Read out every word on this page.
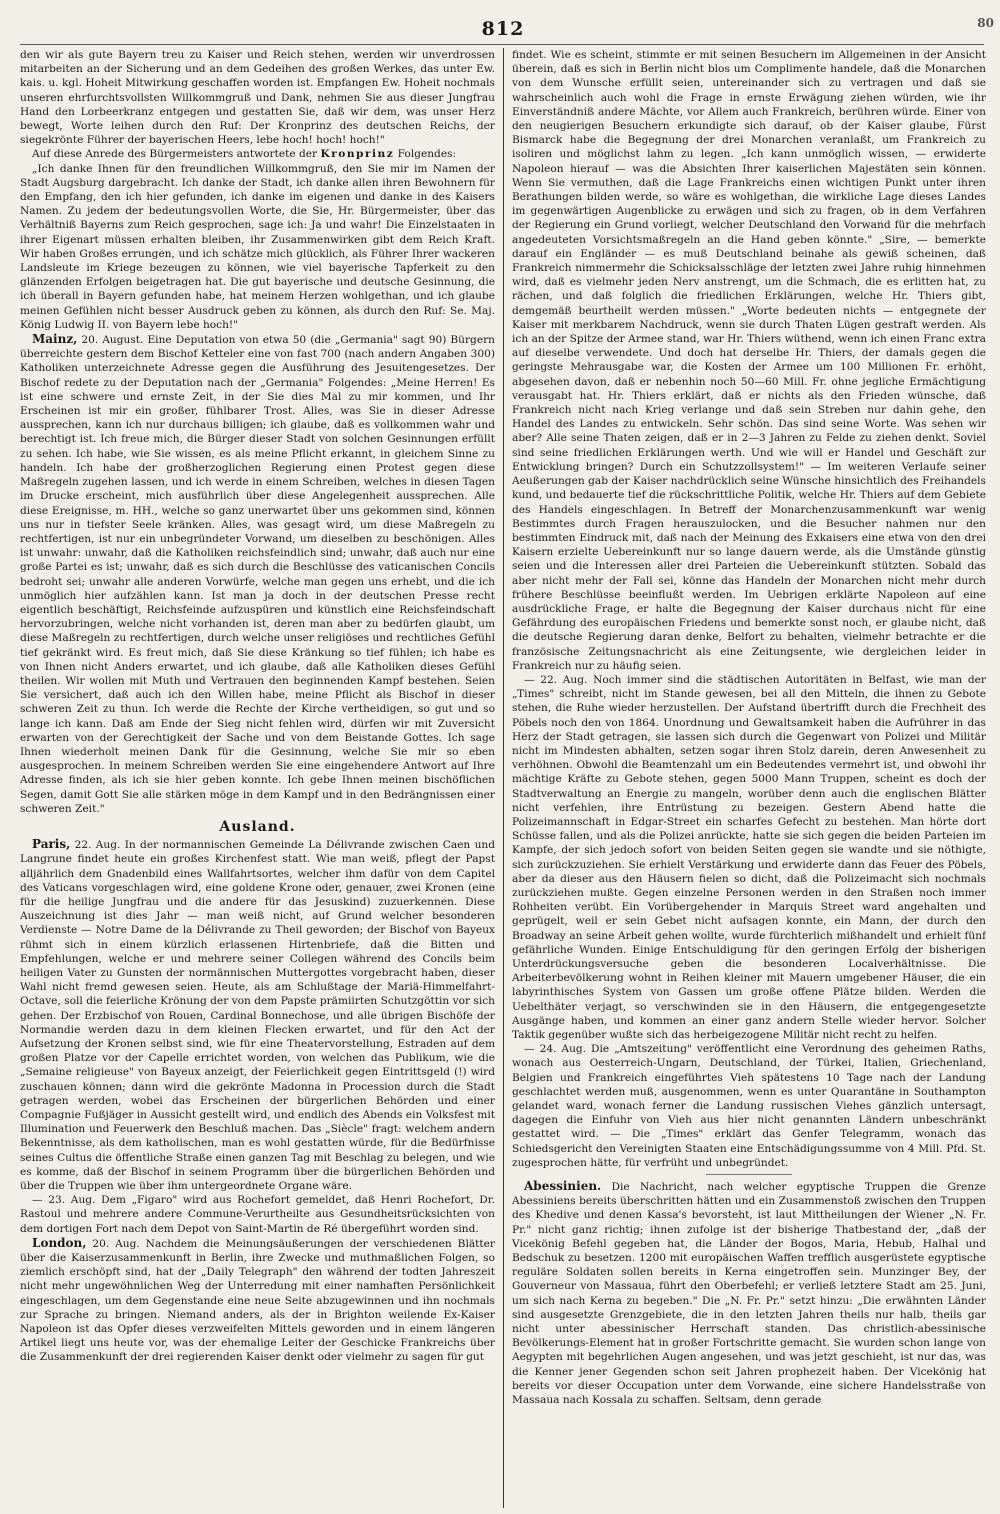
812	80

den wir als gute Bayern treu zu Kaiser und Reich stehen, werden wir unverdrossen mitarbeiten an der Sicherung und an dem Gedeihen des großen Werkes, das unter Ew. kais. u. kgl. Hoheit Mitwirkung geschaffen worden ist. Empfangen Ew. Hoheit nochmals unseren ehrfurchtsvollsten Willkommgruß und Dank, nehmen Sie aus dieser Jungfrau Hand den Lorbeerkranz entgegen und gestatten Sie, daß wir dem, was unser Herz bewegt, Worte leihen durch den Ruf: Der Kronprinz des deutschen Reichs, der siegekrönte Führer der bayerischen Heers, lebe hoch! hoch! hoch!"

Auf diese Anrede des Bürgermeisters antwortete der Kronprinz Folgendes:

„Ich danke Ihnen für den freundlichen Willkommgruß, den Sie mir im Namen der Stadt Augsburg dargebracht. Ich danke der Stadt, ich danke allen ihren Bewohnern für den Empfang, den ich hier gefunden, ich danke im eigenen und danke in des Kaisers Namen. Zu jedem der bedeutungsvollen Worte, die Sie, Hr. Bürgermeister, über das Verhältniß Bayerns zum Reich gesprochen, sage ich: Ja und wahr! Die Einzelstaaten in ihrer Eigenart müssen erhalten bleiben, ihr Zusammenwirken gibt dem Reich Kraft. Wir haben Großes errungen, und ich schätze mich glücklich, als Führer Ihrer wackeren Landsleute im Kriege bezeugen zu können, wie viel bayerische Tapferkeit zu den glänzenden Erfolgen beigetragen hat. Die gut bayerische und deutsche Gesinnung, die ich überall in Bayern gefunden habe, hat meinem Herzen wohlgethan, und ich glaube meinen Gefühlen nicht besser Ausdruck geben zu können, als durch den Ruf: Se. Maj. König Ludwig II. von Bayern lebe hoch!"

Mainz, 20. August. Eine Deputation von etwa 50 (die „Germania" sagt 90) Bürgern überreichte gestern dem Bischof Ketteler eine von fast 700 (nach andern Angaben 300) Katholiken unterzeichnete Adresse gegen die Ausführung des Jesuitengesetzes. Der Bischof redete zu der Deputation nach der „Germania" Folgendes: „Meine Herren! Es ist eine schwere und ernste Zeit, in der Sie dies Mal zu mir kommen, und Ihr Erscheinen ist mir ein großer, fühlbarer Trost. Alles, was Sie in dieser Adresse aussprechen, kann ich nur durchaus billigen; ich glaube, daß es vollkommen wahr und berechtigt ist. Ich freue mich, die Bürger dieser Stadt von solchen Gesinnungen erfüllt zu sehen. Ich habe, wie Sie wissen, es als meine Pflicht erkannt, in gleichem Sinne zu handeln. Ich habe der großherzoglichen Regierung einen Protest gegen diese Maßregeln zugehen lassen, und ich werde in einem Schreiben, welches in diesen Tagen im Drucke erscheint, mich ausführlich über diese Angelegenheit aussprechen. Alle diese Ereignisse, m. HH., welche so ganz unerwartet über uns gekommen sind, können uns nur in tiefster Seele kränken. Alles, was gesagt wird, um diese Maßregeln zu rechtfertigen, ist nur ein unbegründeter Vorwand, um dieselben zu beschönigen. Alles ist unwahr: unwahr, daß die Katholiken reichsfeindlich sind; unwahr, daß auch nur eine große Partei es ist; unwahr, daß es sich durch die Beschlüsse des vaticanischen Concils bedroht sei; unwahr alle anderen Vorwürfe, welche man gegen uns erhebt, und die ich unmöglich hier aufzählen kann. Ist man ja doch in der deutschen Presse recht eigentlich beschäftigt, Reichsfeinde aufzuspüren und künstlich eine Reichsfeindschaft hervorzubringen, welche nicht vorhanden ist, deren man aber zu bedürfen glaubt, um diese Maßregeln zu rechtfertigen, durch welche unser religiöses und rechtliches Gefühl tief gekränkt wird. Es freut mich, daß Sie diese Kränkung so tief fühlen; ich habe es von Ihnen nicht Anders erwartet, und ich glaube, daß alle Katholiken dieses Gefühl theilen. Wir wollen mit Muth und Vertrauen den beginnenden Kampf bestehen. Seien Sie versichert, daß auch ich den Willen habe, meine Pflicht als Bischof in dieser schweren Zeit zu thun. Ich werde die Rechte der Kirche vertheidigen, so gut und so lange ich kann. Daß am Ende der Sieg nicht fehlen wird, dürfen wir mit Zuversicht erwarten von der Gerechtigkeit der Sache und von dem Beistande Gottes. Ich sage Ihnen wiederholt meinen Dank für die Gesinnung, welche Sie mir so eben ausgesprochen. In meinem Schreiben werden Sie eine eingehendere Antwort auf Ihre Adresse finden, als ich sie hier geben konnte. Ich gebe Ihnen meinen bischöflichen Segen, damit Gott Sie alle stärken möge in dem Kampf und in den Bedrängnissen einer schweren Zeit."

Ausland.

Paris, 22. Aug. In der normannischen Gemeinde La Délivrande zwischen Caen und Langrune findet heute ein großes Kirchenfest statt. Wie man weiß, pflegt der Papst alljährlich dem Gnadenbild eines Wallfahrtsortes, welcher ihm dafür von dem Capitel des Vaticans vorgeschlagen wird, eine goldene Krone oder, genauer, zwei Kronen (eine für die heilige Jungfrau und die andere für das Jesuskind) zuzuerkennen. Diese Auszeichnung ist dies Jahr — man weiß nicht, auf Grund welcher besonderen Verdienste — Notre Dame de la Délivrande zu Theil geworden; der Bischof von Bayeux rühmt sich in einem kürzlich erlassenen Hirtenbriefe, daß die Bitten und Empfehlungen, welche er und mehrere seiner Collegen während des Concils beim heiligen Vater zu Gunsten der normännischen Muttergottes vorgebracht haben, dieser Wahl nicht fremd gewesen seien. Heute, als am Schlußtage der Mariä-Himmelfahrt-Octave, soll die feierliche Krönung der von dem Papste prämiirten Schutzgöttin vor sich gehen. Der Erzbischof von Rouen, Cardinal Bonnechose, und alle übrigen Bischöfe der Normandie werden dazu in dem kleinen Flecken erwartet, und für den Act der Aufsetzung der Kronen selbst sind, wie für eine Theatervorstellung, Estraden auf dem großen Platze vor der Capelle errichtet worden, von welchen das Publikum, wie die „Semaine religieuse" von Bayeux anzeigt, der Feierlichkeit gegen Eintrittsgeld (!) wird zuschauen können; dann wird die gekrönte Madonna in Procession durch die Stadt getragen werden, wobei das Erscheinen der bürgerlichen Behörden und einer Compagnie Fußjäger in Aussicht gestellt wird, und endlich des Abends ein Volksfest mit Illumination und Feuerwerk den Beschluß machen. Das „Siècle" fragt: welchem andern Bekenntnisse, als dem katholischen, man es wohl gestatten würde, für die Bedürfnisse seines Cultus die öffentliche Straße einen ganzen Tag mit Beschlag zu belegen, und wie es komme, daß der Bischof in seinem Programm über die bürgerlichen Behörden und über die Truppen wie über ihm untergeordnete Organe wäre.

— 23. Aug. Dem „Figaro" wird aus Rochefort gemeldet, daß Henri Rochefort, Dr. Rastoul und mehrere andere Commune-Verurtheilte aus Gesundheitsrücksichten von dem dortigen Fort nach dem Depot von Saint-Martin de Ré übergeführt worden sind.

London, 20. Aug. Nachdem die Meinungsäußerungen der verschiedenen Blätter über die Kaiserzusammenkunft in Berlin, ihre Zwecke und muthmaßlichen Folgen, so ziemlich erschöpft sind, hat der „Daily Telegraph" den während der todten Jahreszeit nicht mehr ungewöhnlichen Weg der Unterredung mit einer namhaften Persönlichkeit eingeschlagen, um dem Gegenstande eine neue Seite abzugewinnen und ihn nochmals zur Sprache zu bringen. Niemand anders, als der in Brighton weilende Ex-Kaiser Napoleon ist das Opfer dieses verzweifelten Mittels geworden und in einem längeren Artikel liegt uns heute vor, was der ehemalige Leiter der Geschicke Frankreichs über die Zusammenkunft der drei regierenden Kaiser denkt oder vielmehr zu sagen für gut

findet. Wie es scheint, stimmte er mit seinen Besuchern im Allgemeinen in der Ansicht überein, daß es sich in Berlin nicht blos um Complimente handele, daß die Monarchen von dem Wunsche erfüllt seien, untereinander sich zu vertragen und daß sie wahrscheinlich auch wohl die Frage in ernste Erwägung ziehen würden, wie ihr Einverständniß andere Mächte, vor Allem auch Frankreich, berühren würde. Einer von den neugierigen Besuchern erkundigte sich darauf, ob der Kaiser glaube, Fürst Bismarck habe die Begegnung der drei Monarchen veranlaßt, um Frankreich zu isoliren und möglichst lahm zu legen. „Ich kann unmöglich wissen, — erwiderte Napoleon hierauf — was die Absichten Ihrer kaiserlichen Majestäten sein können. Wenn Sie vermuthen, daß die Lage Frankreichs einen wichtigen Punkt unter ihren Berathungen bilden werde, so wäre es wohlgethan, die wirkliche Lage dieses Landes im gegenwärtigen Augenblicke zu erwägen und sich zu fragen, ob in dem Verfahren der Regierung ein Grund vorliegt, welcher Deutschland den Vorwand für die mehrfach angedeuteten Vorsichtsmaßregeln an die Hand geben könnte." „Sire, — bemerkte darauf ein Engländer — es muß Deutschland beinahe als gewiß scheinen, daß Frankreich nimmermehr die Schicksalsschläge der letzten zwei Jahre ruhig hinnehmen wird, daß es vielmehr jeden Nerv anstrengt, um die Schmach, die es erlitten hat, zu rächen, und daß folglich die friedlichen Erklärungen, welche Hr. Thiers gibt, demgemäß beurtheilt werden müssen." „Worte bedeuten nichts — entgegnete der Kaiser mit merkbarem Nachdruck, wenn sie durch Thaten Lügen gestraft werden. Als ich an der Spitze der Armee stand, war Hr. Thiers wüthend, wenn ich einen Franc extra auf dieselbe verwendete. Und doch hat derselbe Hr. Thiers, der damals gegen die geringste Mehrausgabe war, die Kosten der Armee um 100 Millionen Fr. erhöht, abgesehen davon, daß er nebenhin noch 50—60 Mill. Fr. ohne jegliche Ermächtigung verausgabt hat. Hr. Thiers erklärt, daß er nichts als den Frieden wünsche, daß Frankreich nicht nach Krieg verlange und daß sein Streben nur dahin gehe, den Handel des Landes zu entwickeln. Sehr schön. Das sind seine Worte. Was sehen wir aber? Alle seine Thaten zeigen, daß er in 2—3 Jahren zu Felde zu ziehen denkt. Soviel sind seine friedlichen Erklärungen werth. Und wie will er Handel und Geschäft zur Entwicklung bringen? Durch ein Schutzzollsystem!" — Im weiteren Verlaufe seiner Aeußerungen gab der Kaiser nachdrücklich seine Wünsche hinsichtlich des Freihandels kund, und bedauerte tief die rückschrittliche Politik, welche Hr. Thiers auf dem Gebiete des Handels eingeschlagen. In Betreff der Monarchenzusammenkunft war wenig Bestimmtes durch Fragen herauszulocken, und die Besucher nahmen nur den bestimmten Eindruck mit, daß nach der Meinung des Exkaisers eine etwa von den drei Kaisern erzielte Uebereinkunft nur so lange dauern werde, als die Umstände günstig seien und die Interessen aller drei Parteien die Uebereinkunft stützten. Sobald das aber nicht mehr der Fall sei, könne das Handeln der Monarchen nicht mehr durch frühere Beschlüsse beeinflußt werden. Im Uebrigen erklärte Napoleon auf eine ausdrückliche Frage, er halte die Begegnung der Kaiser durchaus nicht für eine Gefährdung des europäischen Friedens und bemerkte sonst noch, er glaube nicht, daß die deutsche Regierung daran denke, Belfort zu behalten, vielmehr betrachte er die französische Zeitungsnachricht als eine Zeitungsente, wie dergleichen leider in Frankreich nur zu häufig seien.

— 22. Aug. Noch immer sind die städtischen Autoritäten in Belfast, wie man der „Times" schreibt, nicht im Stande gewesen, bei all den Mitteln, die ihnen zu Gebote stehen, die Ruhe wieder herzustellen. Der Aufstand übertrifft durch die Frechheit des Pöbels noch den von 1864. Unordnung und Gewaltsamkeit haben die Aufrührer in das Herz der Stadt getragen, sie lassen sich durch die Gegenwart von Polizei und Militär nicht im Mindesten abhalten, setzen sogar ihren Stolz darein, deren Anwesenheit zu verhöhnen. Obwohl die Beamtenzahl um ein Bedeutendes vermehrt ist, und obwohl ihr mächtige Kräfte zu Gebote stehen, gegen 5000 Mann Truppen, scheint es doch der Stadtverwaltung an Energie zu mangeln, worüber denn auch die englischen Blätter nicht verfehlen, ihre Entrüstung zu bezeigen. Gestern Abend hatte die Polizeimannschaft in Edgar-Street ein scharfes Gefecht zu bestehen. Man hörte dort Schüsse fallen, und als die Polizei anrückte, hatte sie sich gegen die beiden Parteien im Kampfe, der sich jedoch sofort von beiden Seiten gegen sie wandte und sie nöthigte, sich zurückzuziehen. Sie erhielt Verstärkung und erwiderte dann das Feuer des Pöbels, aber da dieser aus den Häusern fielen so dicht, daß die Polizeimacht sich nochmals zurückziehen mußte. Gegen einzelne Personen werden in den Straßen noch immer Rohheiten verübt. Ein Vorübergehender in Marquis Street ward angehalten und geprügelt, weil er sein Gebet nicht aufsagen konnte, ein Mann, der durch den Broadway an seine Arbeit gehen wollte, wurde fürchterlich mißhandelt und erhielt fünf gefährliche Wunden. Einige Entschuldigung für den geringen Erfolg der bisherigen Unterdrückungsversuche geben die besonderen Localverhältnisse. Die Arbeiterbevölkerung wohnt in Reihen kleiner mit Mauern umgebener Häuser, die ein labyrinthisches System von Gassen um große offene Plätze bilden. Werden die Uebelthäter verjagt, so verschwinden sie in den Häusern, die entgegengesetzte Ausgänge haben, und kommen an einer ganz andern Stelle wieder hervor. Solcher Taktik gegenüber wußte sich das herbeigezogene Militär nicht recht zu helfen.

— 24. Aug. Die „Amtszeitung" veröffentlicht eine Verordnung des geheimen Raths, wonach aus Oesterreich-Ungarn, Deutschland, der Türkei, Italien, Griechenland, Belgien und Frankreich eingeführtes Vieh spätestens 10 Tage nach der Landung geschlachtet werden muß, ausgenommen, wenn es unter Quarantäne in Southampton gelandet ward, wonach ferner die Landung russischen Viehes gänzlich untersagt, dagegen die Einfuhr von Vieh aus hier nicht genannten Ländern unbeschränkt gestattet wird. — Die „Times" erklärt das Genfer Telegramm, wonach das Schiedsgericht den Vereinigten Staaten eine Entschädigungssumme von 4 Mill. Pfd. St. zugesprochen hätte, für verfrüht und unbegründet.

Abessinien. Die Nachricht, nach welcher egyptische Truppen die Grenze Abessiniens bereits überschritten hätten und ein Zusammenstoß zwischen den Truppen des Khedive und denen Kassa's bevorsteht, ist laut Mittheilungen der Wiener „N. Fr. Pr." nicht ganz richtig; ihnen zufolge ist der bisherige Thatbestand der, „daß der Vicekönig Befehl gegeben hat, die Länder der Bogos, Maria, Hebub, Halhal und Bedschuk zu besetzen. 1200 mit europäischen Waffen trefflich ausgerüstete egyptische reguläre Soldaten sollen bereits in Kerna eingetroffen sein. Munzinger Bey, der Gouverneur von Massaua, führt den Oberbefehl; er verließ letztere Stadt am 25. Juni, um sich nach Kerna zu begeben." Die „N. Fr. Pr." setzt hinzu: „Die erwähnten Länder sind ausgesetzte Grenzgebiete, die in den letzten Jahren theils nur halb, theils gar nicht unter abessinischer Herrschaft standen. Das christlich-abessinische Bevölkerungs-Element hat in großer Fortschritte gemacht. Sie wurden schon lange von Aegypten mit begehrlichen Augen angesehen, und was jetzt geschieht, ist nur das, was die Kenner jener Gegenden schon seit Jahren prophezeit haben. Der Vicekönig hat bereits vor dieser Occupation unter dem Vorwande, eine sichere Handelsstraße von Massaua nach Kossala zu schaffen. Seltsam, denn gerade
